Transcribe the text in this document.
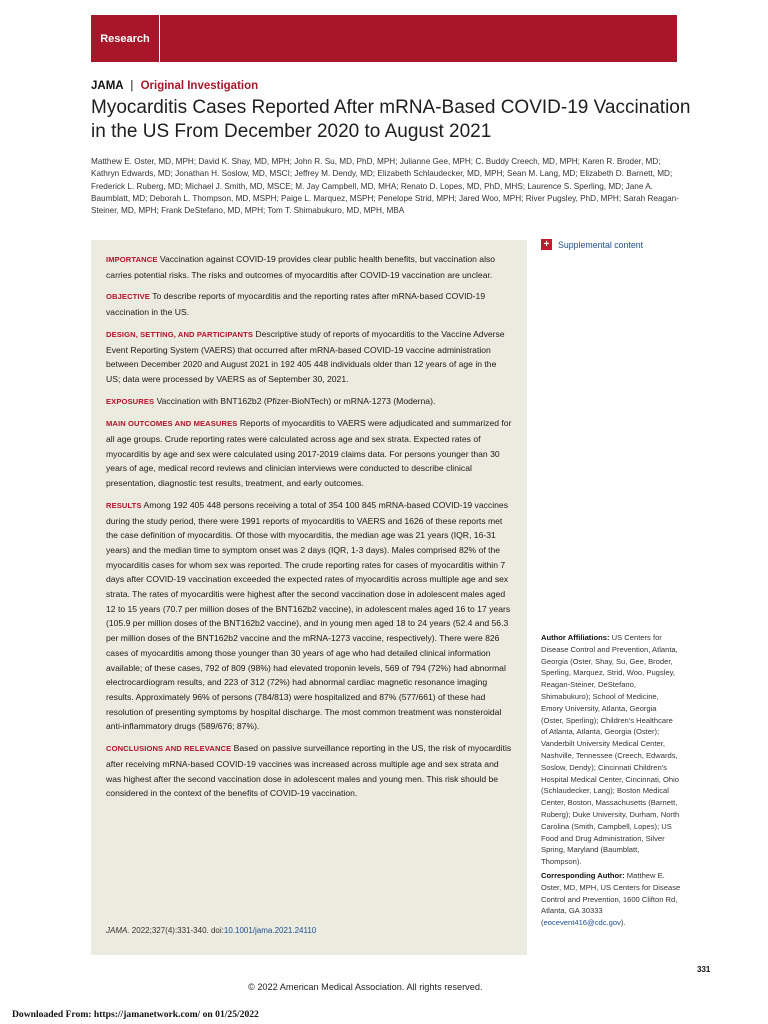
Research
JAMA | Original Investigation
Myocarditis Cases Reported After mRNA-Based COVID-19 Vaccination in the US From December 2020 to August 2021
Matthew E. Oster, MD, MPH; David K. Shay, MD, MPH; John R. Su, MD, PhD, MPH; Julianne Gee, MPH; C. Buddy Creech, MD, MPH; Karen R. Broder, MD; Kathryn Edwards, MD; Jonathan H. Soslow, MD, MSCI; Jeffrey M. Dendy, MD; Elizabeth Schlaudecker, MD, MPH; Sean M. Lang, MD; Elizabeth D. Barnett, MD; Frederick L. Ruberg, MD; Michael J. Smith, MD, MSCE; M. Jay Campbell, MD, MHA; Renato D. Lopes, MD, PhD, MHS; Laurence S. Sperling, MD; Jane A. Baumblatt, MD; Deborah L. Thompson, MD, MSPH; Paige L. Marquez, MSPH; Penelope Strid, MPH; Jared Woo, MPH; River Pugsley, PhD, MPH; Sarah Reagan-Steiner, MD, MPH; Frank DeStefano, MD, MPH; Tom T. Shimabukuro, MD, MPH, MBA

IMPORTANCE Vaccination against COVID-19 provides clear public health benefits, but vaccination also carries potential risks. The risks and outcomes of myocarditis after COVID-19 vaccination are unclear.

OBJECTIVE To describe reports of myocarditis and the reporting rates after mRNA-based COVID-19 vaccination in the US.

DESIGN, SETTING, AND PARTICIPANTS Descriptive study of reports of myocarditis to the Vaccine Adverse Event Reporting System (VAERS) that occurred after mRNA-based COVID-19 vaccine administration between December 2020 and August 2021 in 192 405 448 individuals older than 12 years of age in the US; data were processed by VAERS as of September 30, 2021.

EXPOSURES Vaccination with BNT162b2 (Pfizer-BioNTech) or mRNA-1273 (Moderna).

MAIN OUTCOMES AND MEASURES Reports of myocarditis to VAERS were adjudicated and summarized for all age groups. Crude reporting rates were calculated across age and sex strata. Expected rates of myocarditis by age and sex were calculated using 2017-2019 claims data. For persons younger than 30 years of age, medical record reviews and clinician interviews were conducted to describe clinical presentation, diagnostic test results, treatment, and early outcomes.

RESULTS Among 192 405 448 persons receiving a total of 354 100 845 mRNA-based COVID-19 vaccines during the study period, there were 1991 reports of myocarditis to VAERS and 1626 of these reports met the case definition of myocarditis. Of those with myocarditis, the median age was 21 years (IQR, 16-31 years) and the median time to symptom onset was 2 days (IQR, 1-3 days). Males comprised 82% of the myocarditis cases for whom sex was reported. The crude reporting rates for cases of myocarditis within 7 days after COVID-19 vaccination exceeded the expected rates of myocarditis across multiple age and sex strata. The rates of myocarditis were highest after the second vaccination dose in adolescent males aged 12 to 15 years (70.7 per million doses of the BNT162b2 vaccine), in adolescent males aged 16 to 17 years (105.9 per million doses of the BNT162b2 vaccine), and in young men aged 18 to 24 years (52.4 and 56.3 per million doses of the BNT162b2 vaccine and the mRNA-1273 vaccine, respectively). There were 826 cases of myocarditis among those younger than 30 years of age who had detailed clinical information available; of these cases, 792 of 809 (98%) had elevated troponin levels, 569 of 794 (72%) had abnormal electrocardiogram results, and 223 of 312 (72%) had abnormal cardiac magnetic resonance imaging results. Approximately 96% of persons (784/813) were hospitalized and 87% (577/661) of these had resolution of presenting symptoms by hospital discharge. The most common treatment was nonsteroidal anti-inflammatory drugs (589/676; 87%).

CONCLUSIONS AND RELEVANCE Based on passive surveillance reporting in the US, the risk of myocarditis after receiving mRNA-based COVID-19 vaccines was increased across multiple age and sex strata and was highest after the second vaccination dose in adolescent males and young men. This risk should be considered in the context of the benefits of COVID-19 vaccination.

JAMA. 2022;327(4):331-340. doi:10.1001/jama.2021.24110
+ Supplemental content

Author Affiliations: US Centers for Disease Control and Prevention, Atlanta, Georgia (Oster, Shay, Su, Gee, Broder, Sperling, Marquez, Strid, Woo, Pugsley, Reagan-Steiner, DeStefano, Shimabukuro); School of Medicine, Emory University, Atlanta, Georgia (Oster, Sperling); Children's Healthcare of Atlanta, Atlanta, Georgia (Oster); Vanderbilt University Medical Center, Nashville, Tennessee (Creech, Edwards, Soslow, Dendy); Cincinnati Children's Hospital Medical Center, Cincinnati, Ohio (Schlaudecker, Lang); Boston Medical Center, Boston, Massachusetts (Barnett, Ruberg); Duke University, Durham, North Carolina (Smith, Campbell, Lopes); US Food and Drug Administration, Silver Spring, Maryland (Baumblatt, Thompson).

Corresponding Author: Matthew E. Oster, MD, MPH, US Centers for Disease Control and Prevention, 1600 Clifton Rd, Atlanta, GA 30333 (eocevent416@cdc.gov).

331
© 2022 American Medical Association. All rights reserved.
Downloaded From: https://jamanetwork.com/ on 01/25/2022
